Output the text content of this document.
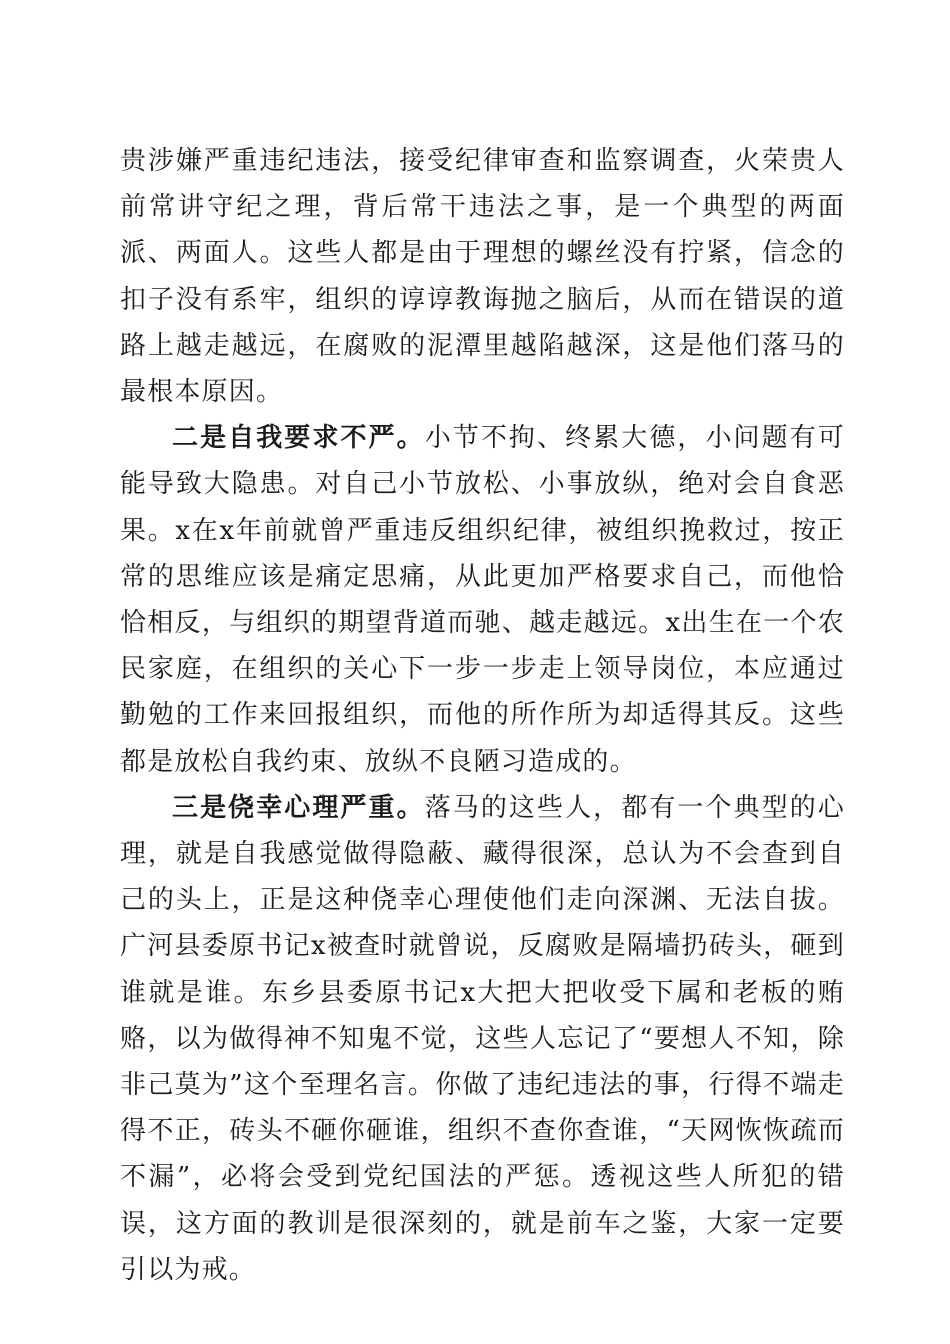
贵涉嫌严重违纪违法，接受纪律审查和监察调查，火荣贵人前常讲守纪之理，背后常干违法之事，是一个典型的两面派、两面人。这些人都是由于理想的螺丝没有拧紧，信念的扣子没有系牢，组织的谆谆教诲抛之脑后，从而在错误的道路上越走越远，在腐败的泥潭里越陷越深，这是他们落马的最根本原因。

二是自我要求不严。小节不拘、终累大德，小问题有可能导致大隐患。对自己小节放松、小事放纵，绝对会自食恶果。x在x年前就曾严重违反组织纪律，被组织挽救过，按正常的思维应该是痛定思痛，从此更加严格要求自己，而他恰恰相反，与组织的期望背道而驰、越走越远。x出生在一个农民家庭，在组织的关心下一步一步走上领导岗位，本应通过勤勉的工作来回报组织，而他的所作所为却适得其反。这些都是放松自我约束、放纵不良陋习造成的。

三是侥幸心理严重。落马的这些人，都有一个典型的心理，就是自我感觉做得隐蔽、藏得很深，总认为不会查到自己的头上，正是这种侥幸心理使他们走向深渊、无法自拔。广河县委原书记x被查时就曾说，反腐败是隔墙扔砖头，砸到谁就是谁。东乡县委原书记x大把大把收受下属和老板的贿赂，以为做得神不知鬼不觉，这些人忘记了“要想人不知，除非己莫为”这个至理名言。你做了违纪违法的事，行得不端走得不正，砖头不砸你砸谁，组织不查你查谁，“天网恢恢疏而不漏”，必将会受到党纪国法的严惩。透视这些人所犯的错误，这方面的教训是很深刻的，就是前车之鉴，大家一定要引以为戒。
